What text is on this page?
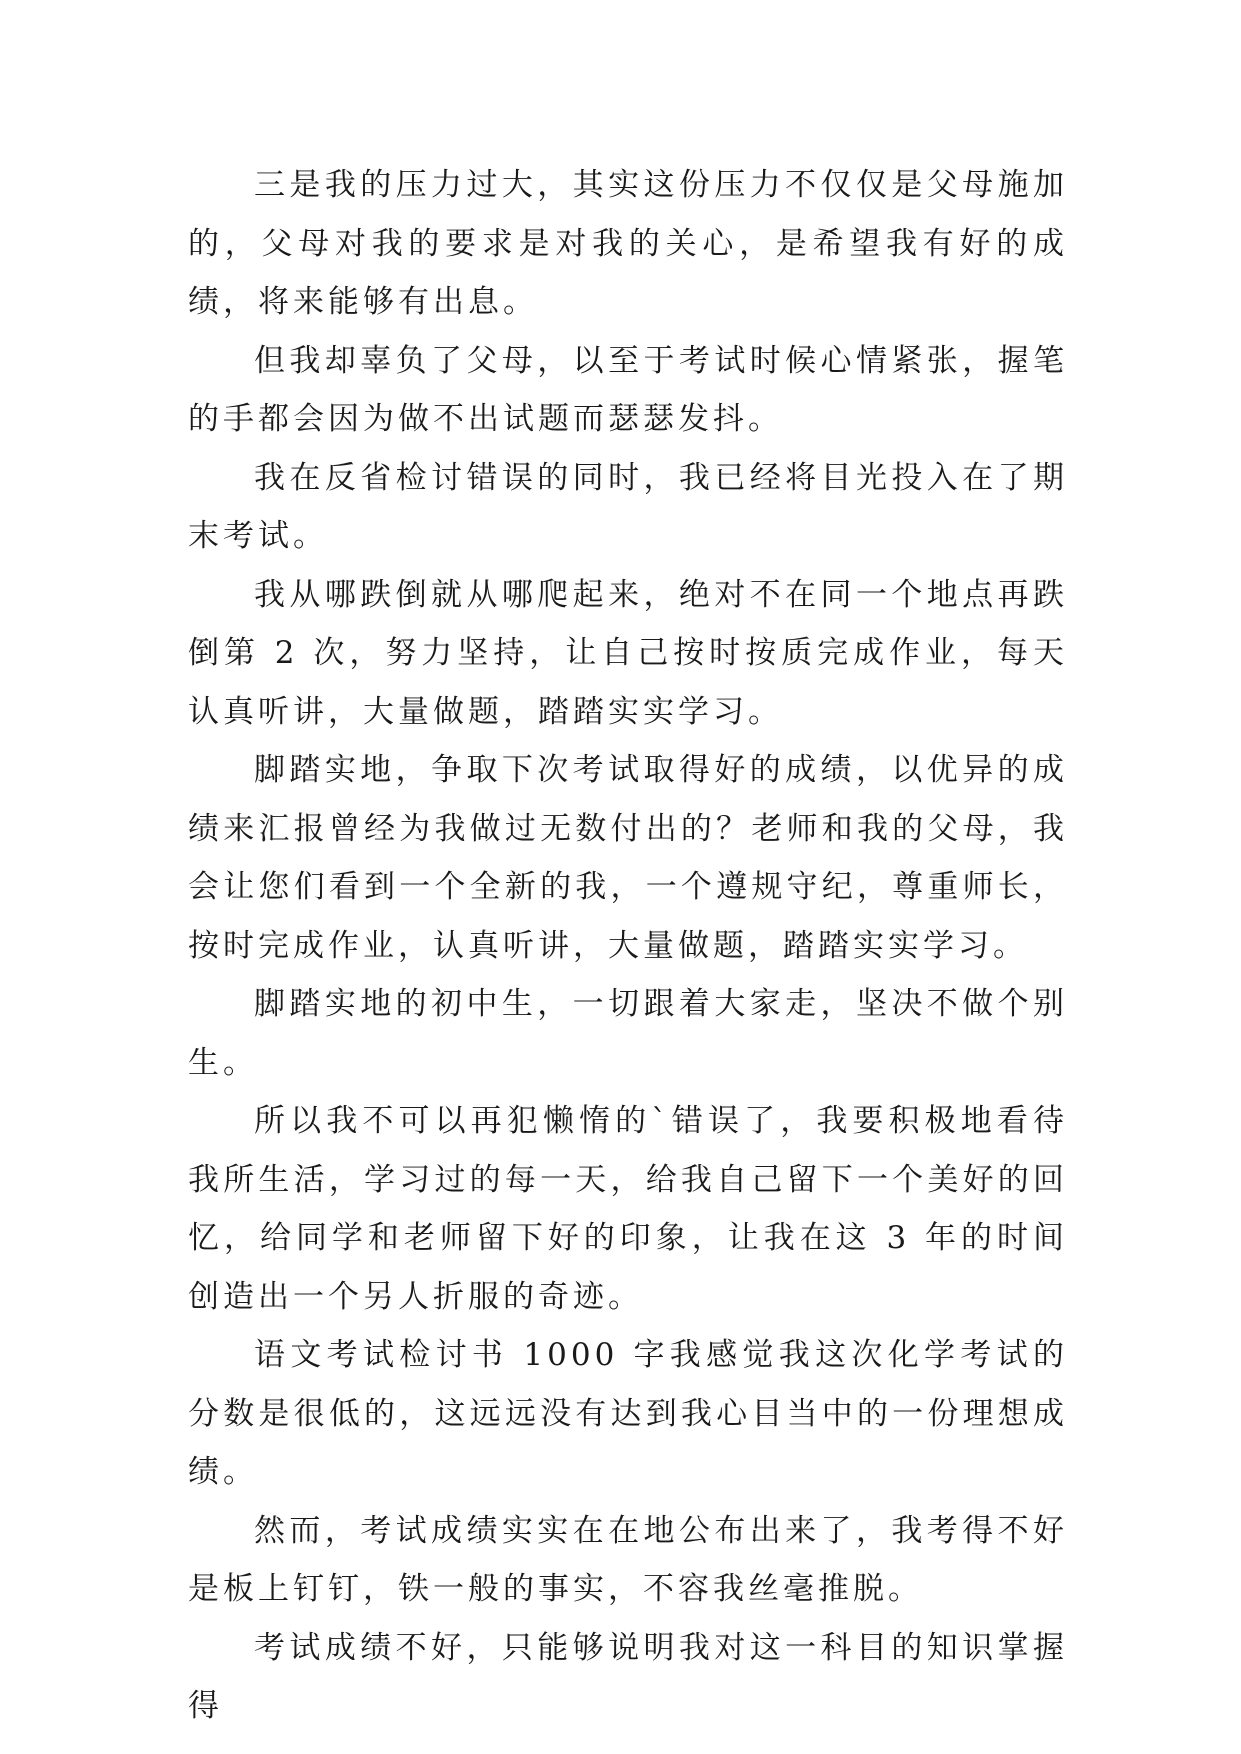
三是我的压力过大，其实这份压力不仅仅是父母施加的，父母对我的要求是对我的关心，是希望我有好的成绩，将来能够有出息。

但我却辜负了父母，以至于考试时候心情紧张，握笔的手都会因为做不出试题而瑟瑟发抖。

我在反省检讨错误的同时，我已经将目光投入在了期末考试。

我从哪跌倒就从哪爬起来，绝对不在同一个地点再跌倒第 2 次，努力坚持，让自己按时按质完成作业，每天认真听讲，大量做题，踏踏实实学习。

脚踏实地，争取下次考试取得好的成绩，以优异的成绩来汇报曾经为我做过无数付出的？老师和我的父母，我会让您们看到一个全新的我，一个遵规守纪，尊重师长，按时完成作业，认真听讲，大量做题，踏踏实实学习。

脚踏实地的初中生，一切跟着大家走，坚决不做个别生。

所以我不可以再犯懒惰的`错误了，我要积极地看待我所生活，学习过的每一天，给我自己留下一个美好的回忆，给同学和老师留下好的印象，让我在这 3 年的时间创造出一个另人折服的奇迹。

语文考试检讨书 1000 字我感觉我这次化学考试的分数是很低的，这远远没有达到我心目当中的一份理想成绩。

然而，考试成绩实实在在地公布出来了，我考得不好是板上钉钉，铁一般的事实，不容我丝毫推脱。

考试成绩不好，只能够说明我对这一科目的知识掌握得
